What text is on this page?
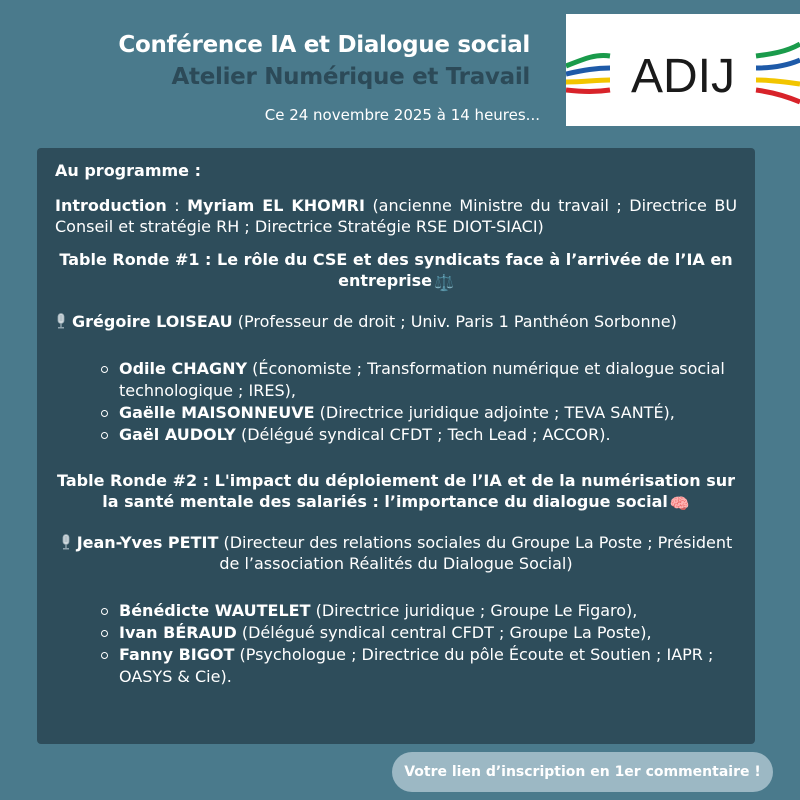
Conférence IA et Dialogue social
Atelier Numérique et Travail
Ce 24 novembre 2025 à 14 heures...
ADIJ

Au programme :

Introduction : Myriam EL KHOMRI (ancienne Ministre du travail ; Directrice BU Conseil et stratégie RH ; Directrice Stratégie RSE DIOT-SIACI)

Table Ronde #1 : Le rôle du CSE et des syndicats face à l’arrivée de l’IA en entreprise ⚖️

Grégoire LOISEAU (Professeur de droit ; Univ. Paris 1 Panthéon Sorbonne)

Odile CHAGNY (Économiste ; Transformation numérique et dialogue social technologique ; IRES),
Gaëlle MAISONNEUVE (Directrice juridique adjointe ; TEVA SANTÉ),
Gaël AUDOLY (Délégué syndical CFDT ; Tech Lead ; ACCOR).

Table Ronde #2 : L'impact du déploiement de l’IA et de la numérisation sur la santé mentale des salariés : l’importance du dialogue social 🧠

Jean-Yves PETIT (Directeur des relations sociales du Groupe La Poste ; Président de l’association Réalités du Dialogue Social)

Bénédicte WAUTELET (Directrice juridique ; Groupe Le Figaro),
Ivan BÉRAUD (Délégué syndical central CFDT ; Groupe La Poste),
Fanny BIGOT (Psychologue ; Directrice du pôle Écoute et Soutien ; IAPR ; OASYS & Cie).
Votre lien d’inscription en 1er commentaire !
